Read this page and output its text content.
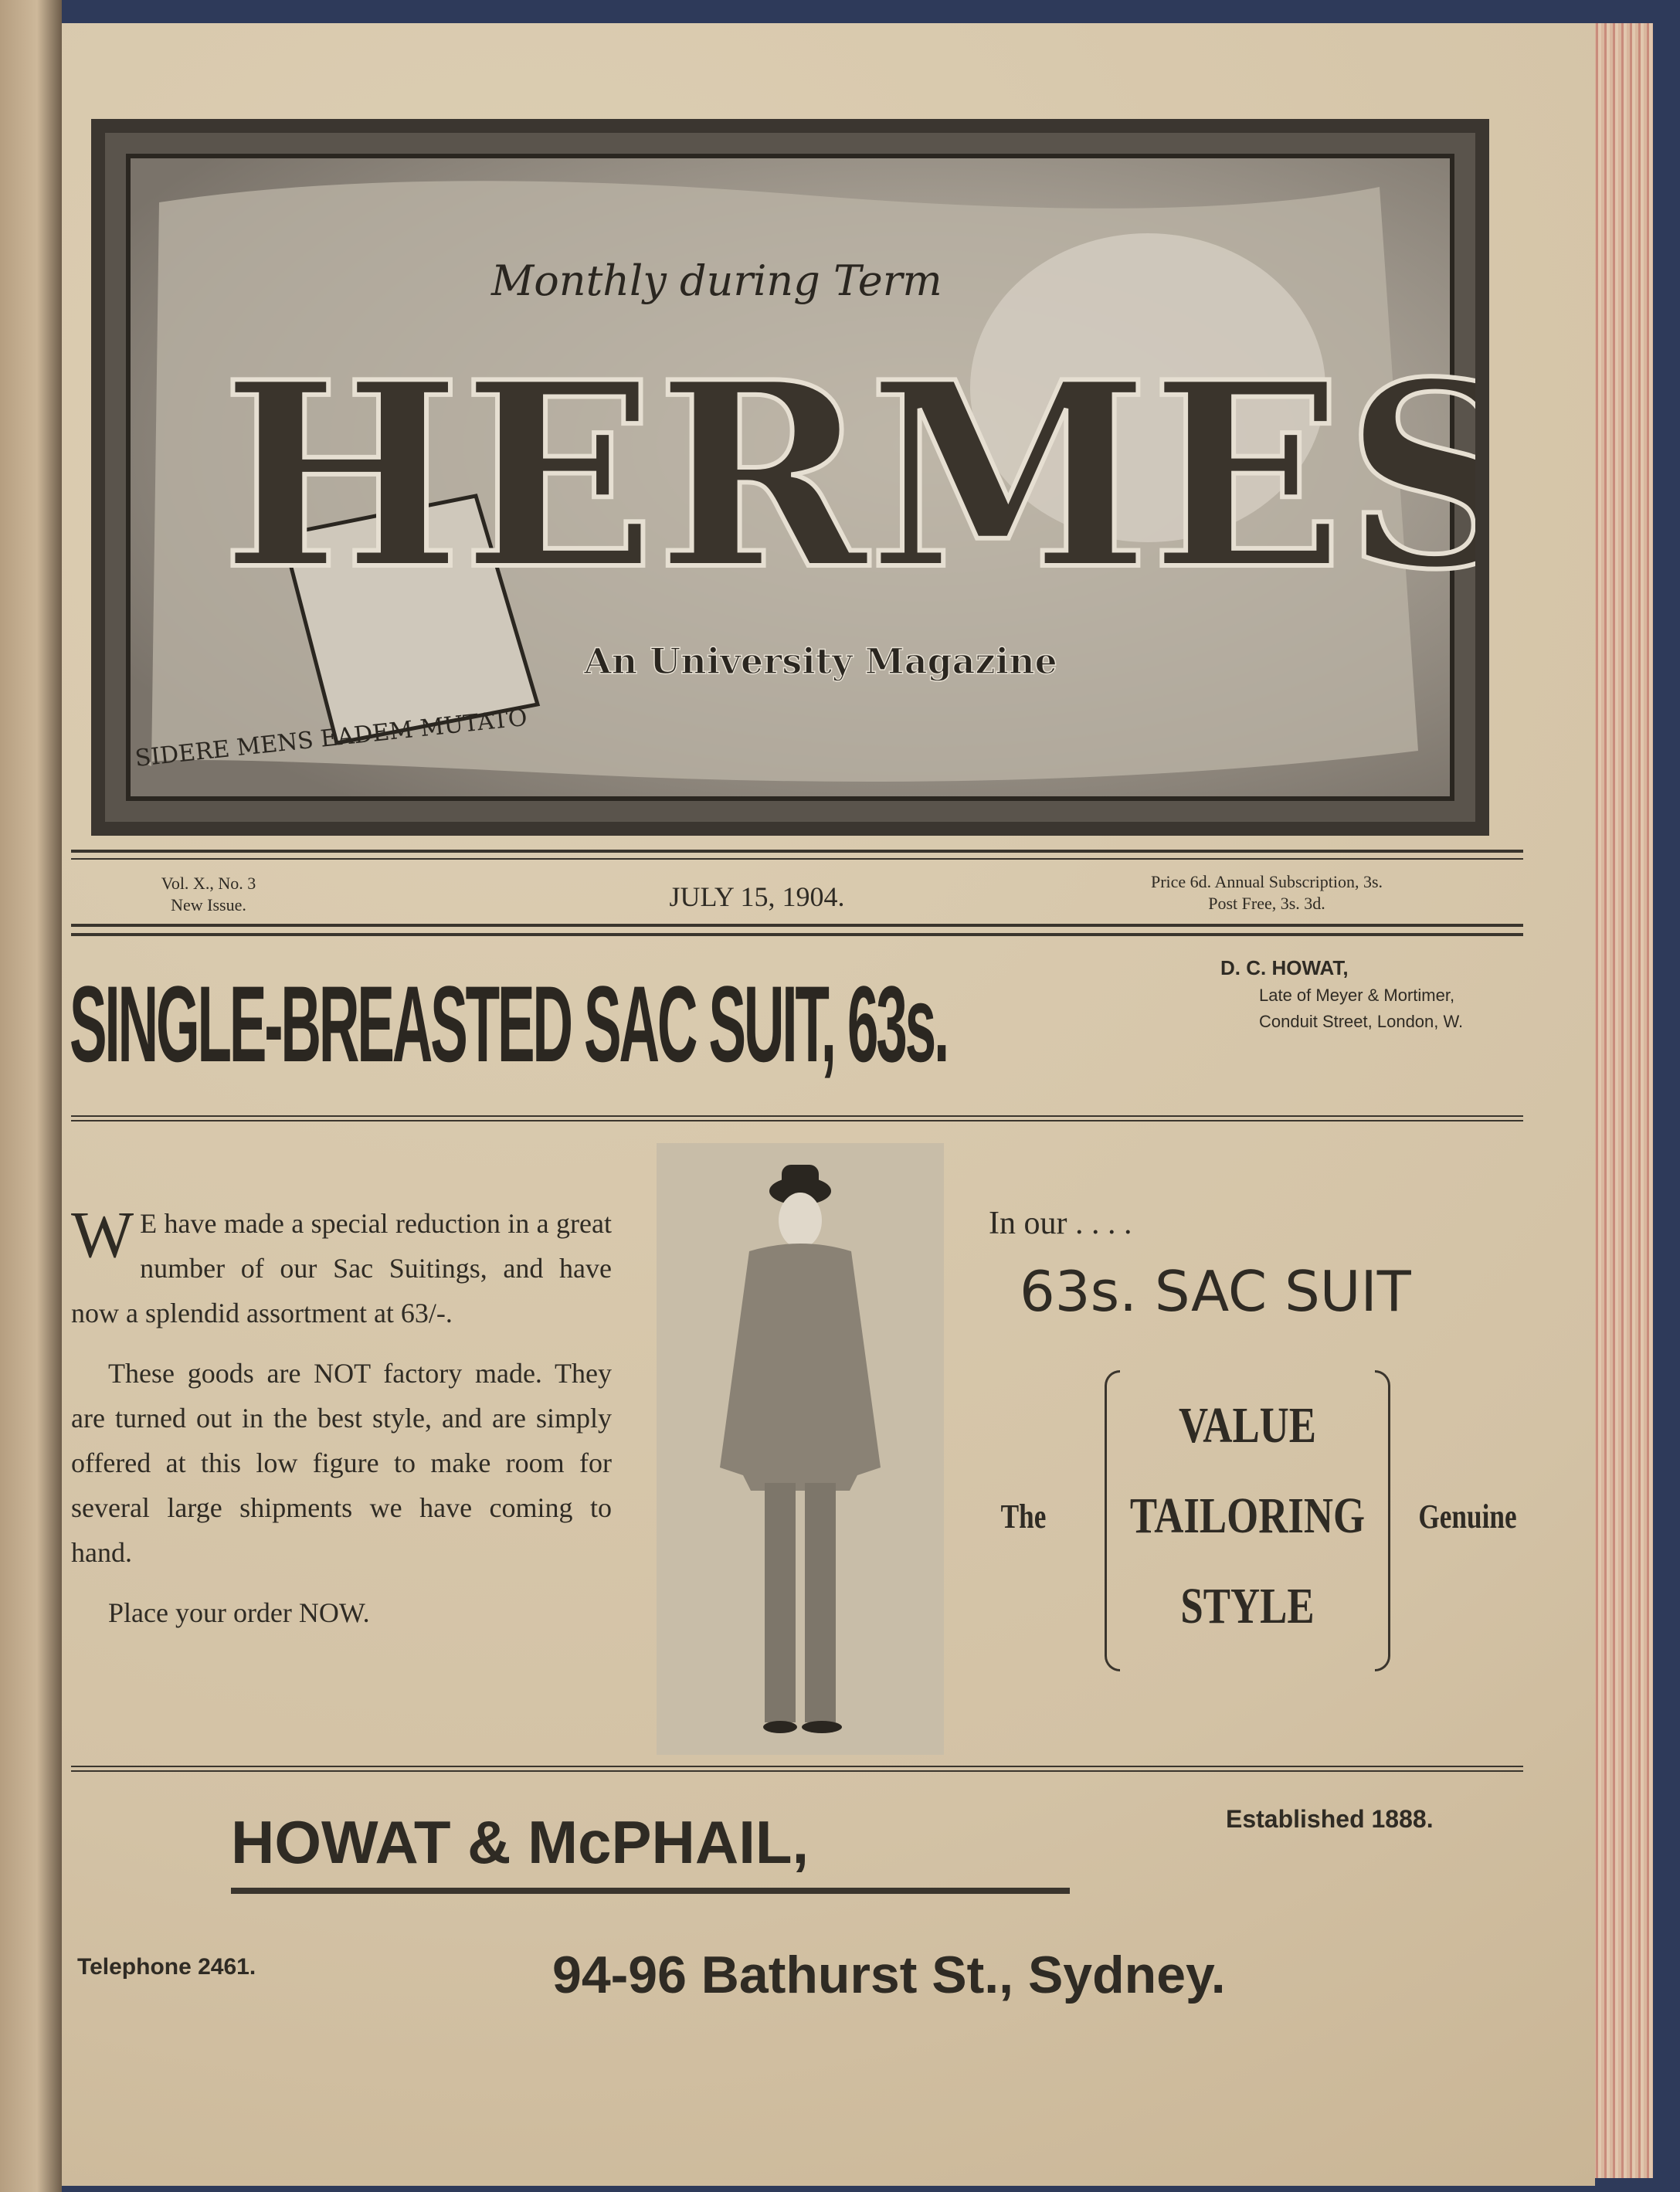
Monthly during Term
HERMES
An University Magazine
SIDERE MENS EADEM MUTATO
Vol. X., No. 3
New Issue.	JULY 15, 1904.	Price 6d. Annual Subscription, 3s.
Post Free, 3s. 3d.
SINGLE-BREASTED SAC SUIT, 63s.	D. C. HOWAT,
Late of Meyer & Mortimer,
Conduit Street, London, W.

W E have made a special reduction in a great number of our Sac Suitings, and have now a splendid assortment at 63/-.

These goods are NOT factory made. They are turned out in the best style, and are simply offered at this low figure to make room for several large shipments we have coming to hand.

Place your order NOW.

In our . . . .
63s. SAC SUIT
The	Genuine
VALUE
TAILORING
STYLE
HOWAT & McPHAIL,	Established 1888.
Telephone 2461.	94-96 Bathurst St., Sydney.
